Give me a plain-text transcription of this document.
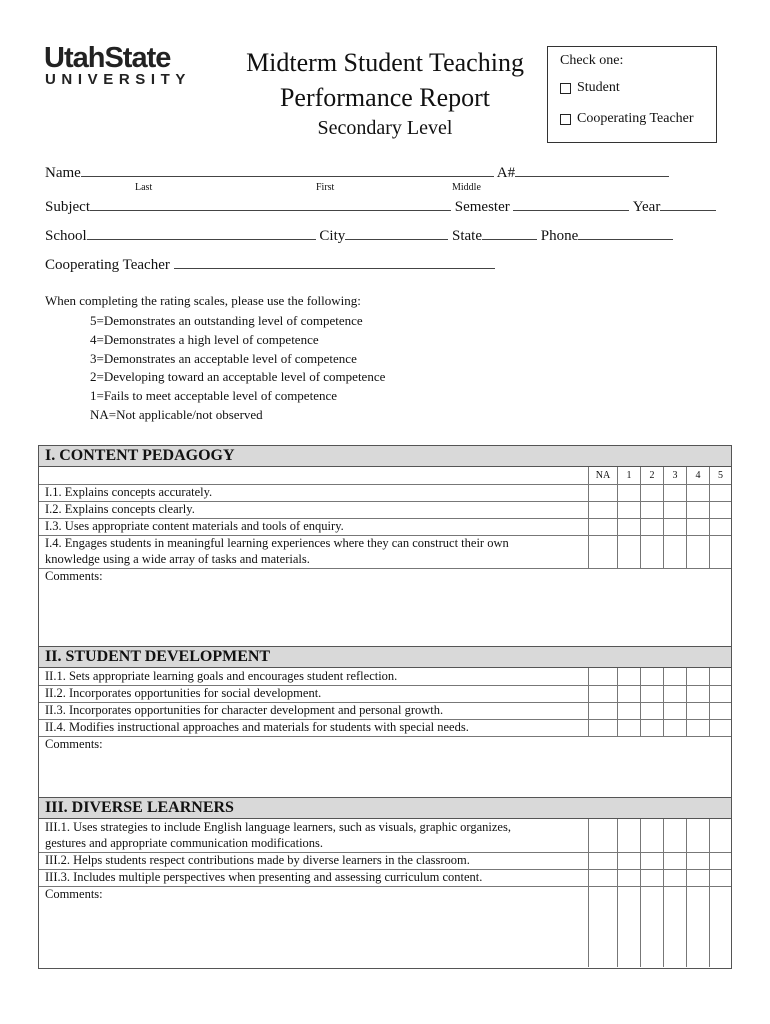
UtahState
UNIVERSITY
Midterm Student Teaching
Performance Report
Secondary Level
Check one:
Student
Cooperating Teacher
Name	A#
Last	First	Middle
Subject	Semester	Year
School	City	State	Phone
Cooperating Teacher
When completing the rating scales, please use the following:
5=Demonstrates an outstanding level of competence
4=Demonstrates a high level of competence
3=Demonstrates an acceptable level of competence
2=Developing toward an acceptable level of competence
1=Fails to meet acceptable level of competence
NA=Not applicable/not observed
I. CONTENT PEDAGOGY
NA	1	2	3	4	5
I.1. Explains concepts accurately.
I.2. Explains concepts clearly.
I.3. Uses appropriate content materials and tools of enquiry.
I.4. Engages students in meaningful learning experiences where they can construct their own
knowledge using a wide array of tasks and materials.
Comments:
II. STUDENT DEVELOPMENT
II.1. Sets appropriate learning goals and encourages student reflection.
II.2. Incorporates opportunities for social development.
II.3. Incorporates opportunities for character development and personal growth.
II.4. Modifies instructional approaches and materials for students with special needs.
Comments:
III. DIVERSE LEARNERS
III.1. Uses strategies to include English language learners, such as visuals, graphic organizes,
gestures and appropriate communication modifications.
III.2. Helps students respect contributions made by diverse learners in the classroom.
III.3. Includes multiple perspectives when presenting and assessing curriculum content.
Comments:
